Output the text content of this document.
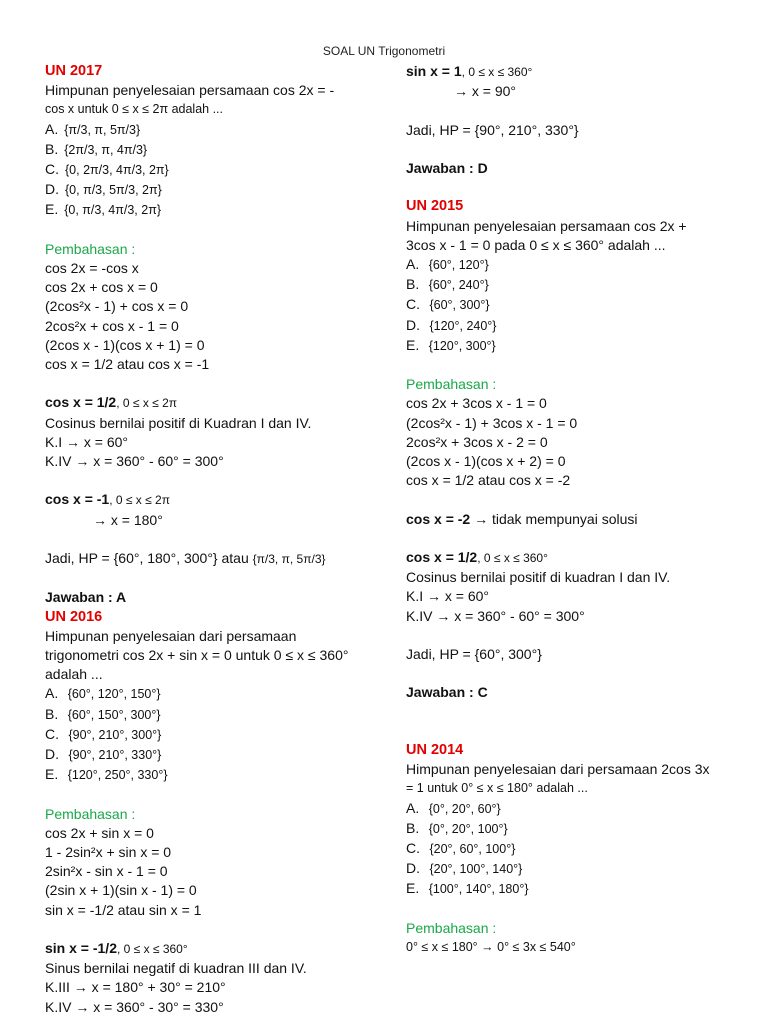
SOAL UN Trigonometri
UN 2017
Himpunan penyelesaian persamaan cos 2x = -
cos x untuk 0 ≤ x ≤ 2π adalah ...
A. {π/3, π, 5π/3}
B. {2π/3, π, 4π/3}
C. {0, 2π/3, 4π/3, 2π}
D. {0, π/3, 5π/3, 2π}
E. {0, π/3, 4π/3, 2π}
Pembahasan :
cos 2x = -cos x
cos 2x + cos x = 0
(2cos²x - 1) + cos x = 0
2cos²x + cos x - 1 = 0
(2cos x - 1)(cos x + 1) = 0
cos x = 1/2 atau cos x = -1
cos x = 1/2, 0 ≤ x ≤ 2π
Cosinus bernilai positif di Kuadran I dan IV.
K.I → x = 60°
K.IV → x = 360° - 60° = 300°
cos x = -1, 0 ≤ x ≤ 2π
→ x = 180°
Jadi, HP = {60°, 180°, 300°} atau {π/3, π, 5π/3}
Jawaban : A
UN 2016
Himpunan penyelesaian dari persamaan
trigonometri cos 2x + sin x = 0 untuk 0 ≤ x ≤ 360°
adalah ...
A. {60°, 120°, 150°}
B. {60°, 150°, 300°}
C. {90°, 210°, 300°}
D. {90°, 210°, 330°}
E. {120°, 250°, 330°}
Pembahasan :
cos 2x + sin x = 0
1 - 2sin²x + sin x = 0
2sin²x - sin x - 1 = 0
(2sin x + 1)(sin x - 1) = 0
sin x = -1/2 atau sin x = 1
sin x = -1/2, 0 ≤ x ≤ 360°
Sinus bernilai negatif di kuadran III dan IV.
K.III → x = 180° + 30° = 210°
K.IV → x = 360° - 30° = 330°
sin x = 1, 0 ≤ x ≤ 360°
→ x = 90°
Jadi, HP = {90°, 210°, 330°}
Jawaban : D
UN 2015
Himpunan penyelesaian persamaan cos 2x +
3cos x - 1 = 0 pada 0 ≤ x ≤ 360° adalah ...
A. {60°, 120°}
B. {60°, 240°}
C. {60°, 300°}
D. {120°, 240°}
E. {120°, 300°}
Pembahasan :
cos 2x + 3cos x - 1 = 0
(2cos²x - 1) + 3cos x - 1 = 0
2cos²x + 3cos x - 2 = 0
(2cos x - 1)(cos x + 2) = 0
cos x = 1/2 atau cos x = -2
cos x = -2 → tidak mempunyai solusi
cos x = 1/2, 0 ≤ x ≤ 360°
Cosinus bernilai positif di kuadran I dan IV.
K.I → x = 60°
K.IV → x = 360° - 60° = 300°
Jadi, HP = {60°, 300°}
Jawaban : C
UN 2014
Himpunan penyelesaian dari persamaan 2cos 3x
= 1 untuk 0° ≤ x ≤ 180° adalah ...
A. {0°, 20°, 60°}
B. {0°, 20°, 100°}
C. {20°, 60°, 100°}
D. {20°, 100°, 140°}
E. {100°, 140°, 180°}
Pembahasan :
0° ≤ x ≤ 180° → 0° ≤ 3x ≤ 540°
